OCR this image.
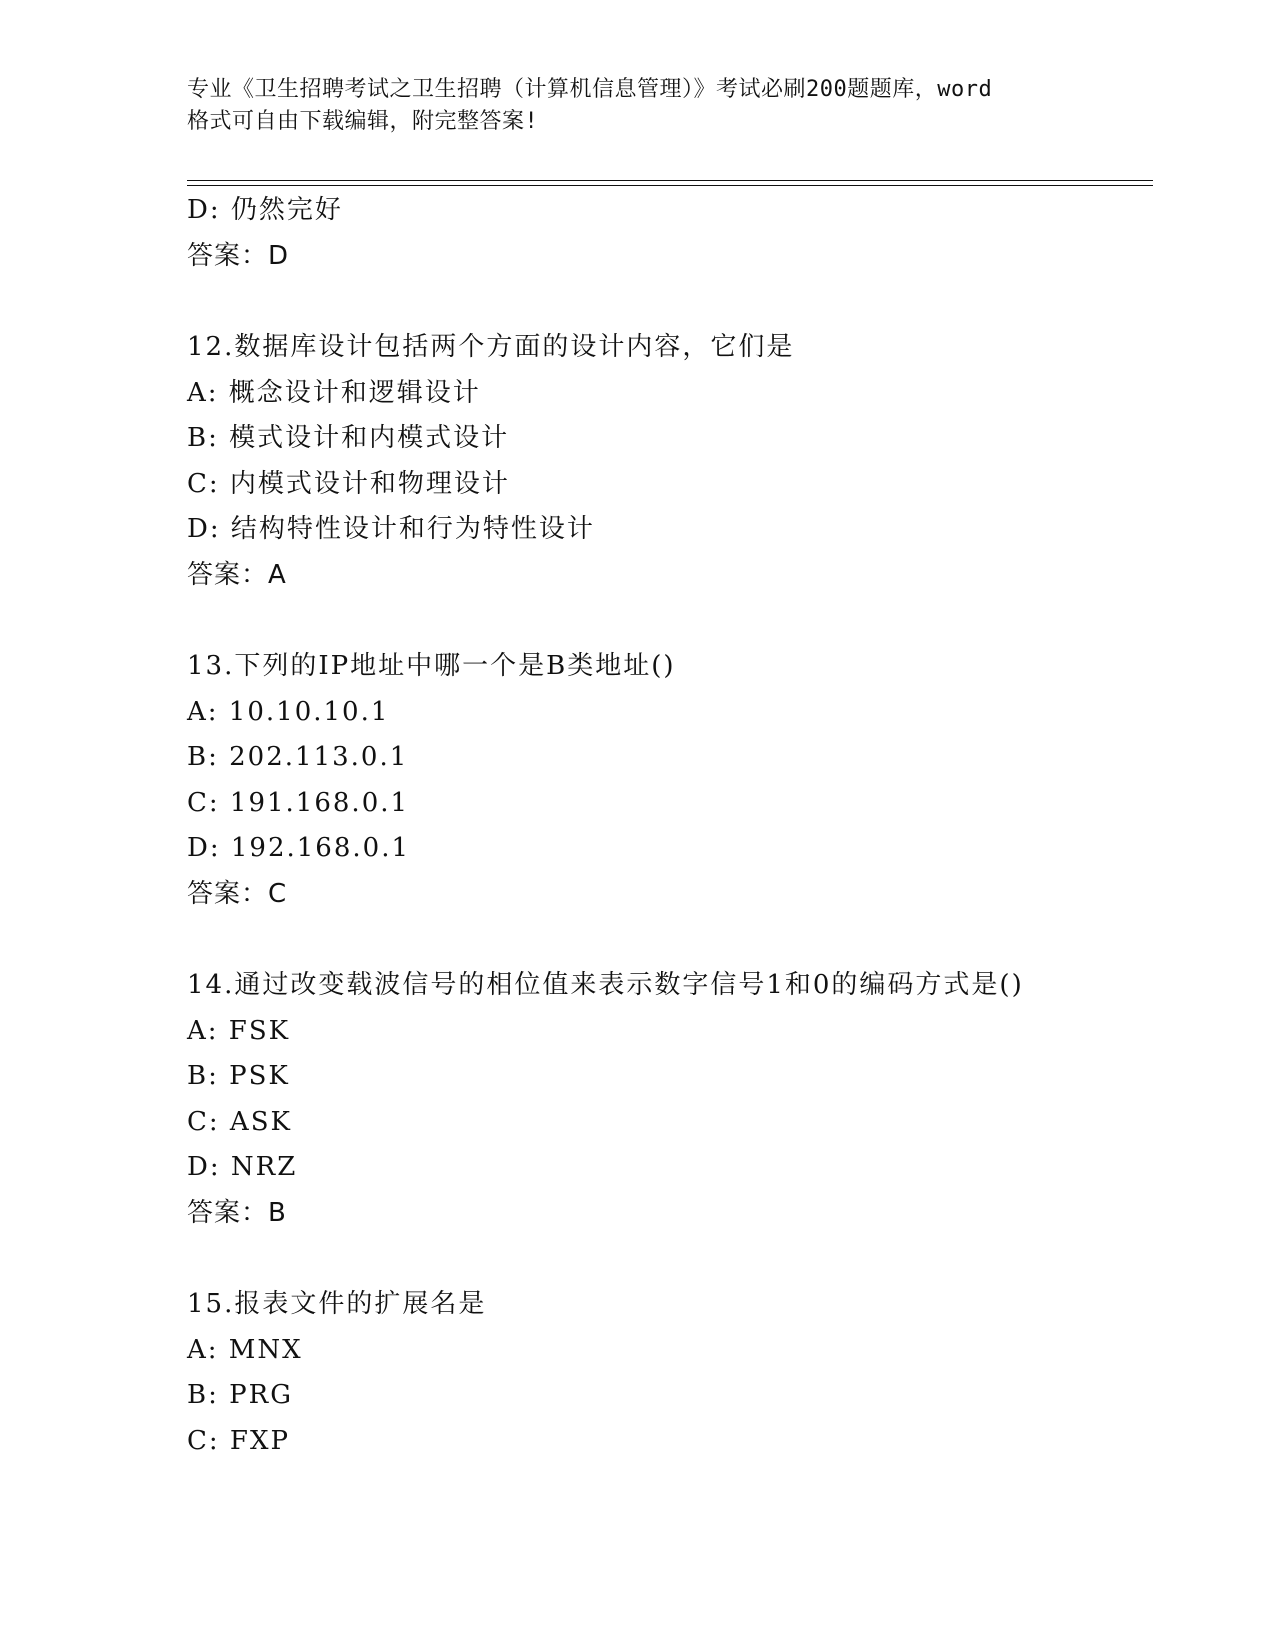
专业《卫生招聘考试之卫生招聘（计算机信息管理）》考试必刷200题题库，word
格式可自由下载编辑，附完整答案!
D: 仍然完好
答案：D
12.数据库设计包括两个方面的设计内容，它们是
A: 概念设计和逻辑设计
B: 模式设计和内模式设计
C: 内模式设计和物理设计
D: 结构特性设计和行为特性设计
答案：A
13.下列的IP地址中哪一个是B类地址()
A: 10.10.10.1
B: 202.113.0.1
C: 191.168.0.1
D: 192.168.0.1
答案：C
14.通过改变载波信号的相位值来表示数字信号1和0的编码方式是()
A: FSK
B: PSK
C: ASK
D: NRZ
答案：B
15.报表文件的扩展名是
A: MNX
B: PRG
C: FXP
